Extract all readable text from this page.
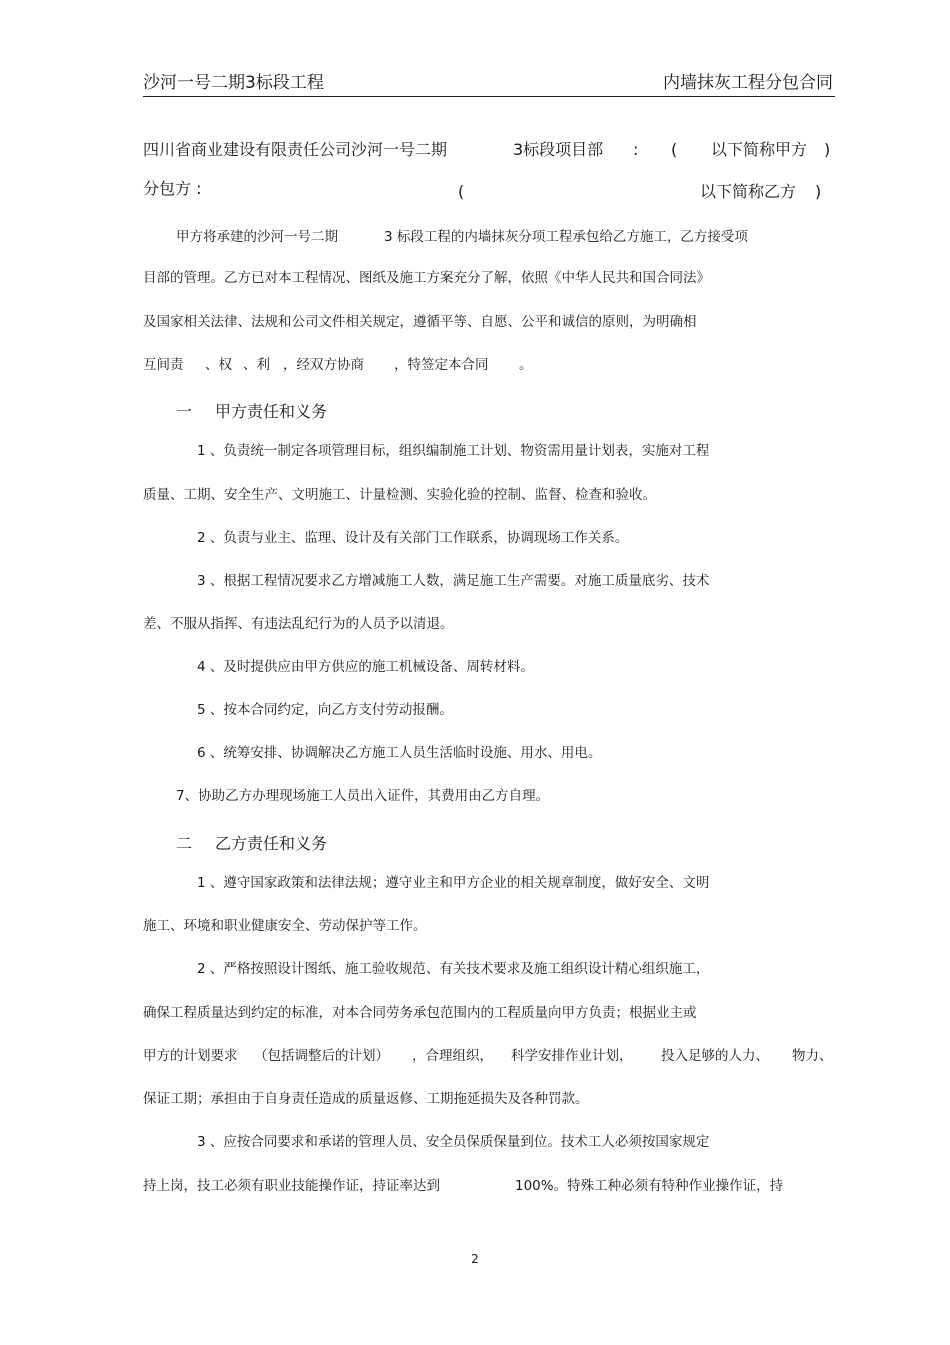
沙河一号二期3标段工程	内墙抹灰工程分包合同
四川省商业建设有限责任公司沙河一号二期	3标段项目部 : ( 以下简称甲方 )
分包方 :	(	以下简称乙方 )
甲方将承建的沙河一号二期	3 标段工程的内墙抹灰分项工程承包给乙方施工，乙方接受项
目部的管理。乙方已对本工程情况、图纸及施工方案充分了解，依照《中华人民共和国合同法》
及国家相关法律、法规和公司文件相关规定，遵循平等、自愿、公平和诚信的原则，为明确相
互间责 、权 、利 ，经双方协商 ，特签定本合同 。
一 甲方责任和义务
1 、负责统一制定各项管理目标，组织编制施工计划、物资需用量计划表，实施对工程
质量、工期、安全生产、文明施工、计量检测、实验化验的控制、监督、检查和验收。
2 、负责与业主、监理、设计及有关部门工作联系，协调现场工作关系。
3 、根据工程情况要求乙方增减施工人数，满足施工生产需要。对施工质量底劣、技术
差、不服从指挥、有违法乱纪行为的人员予以清退。
4 、及时提供应由甲方供应的施工机械设备、周转材料。
5 、按本合同约定，向乙方支付劳动报酬。
6 、统筹安排、协调解决乙方施工人员生活临时设施、用水、用电。
7、协助乙方办理现场施工人员出入证件，其费用由乙方自理。
二 乙方责任和义务
1 、遵守国家政策和法律法规；遵守业主和甲方企业的相关规章制度，做好安全、文明
施工、环境和职业健康安全、劳动保护等工作。
2 、严格按照设计图纸、施工验收规范、有关技术要求及施工组织设计精心组织施工，
确保工程质量达到约定的标准，对本合同劳务承包范围内的工程质量向甲方负责；根据业主或
甲方的计划要求 （包括调整后的计划） ，合理组织， 科学安排作业计划， 投入足够的人力、 物力、
保证工期；承担由于自身责任造成的质量返修、工期拖延损失及各种罚款。
3 、应按合同要求和承诺的管理人员、安全员保质保量到位。技术工人必须按国家规定
持上岗，技工必须有职业技能操作证，持证率达到	100%。特殊工种必须有特种作业操作证，持
2
